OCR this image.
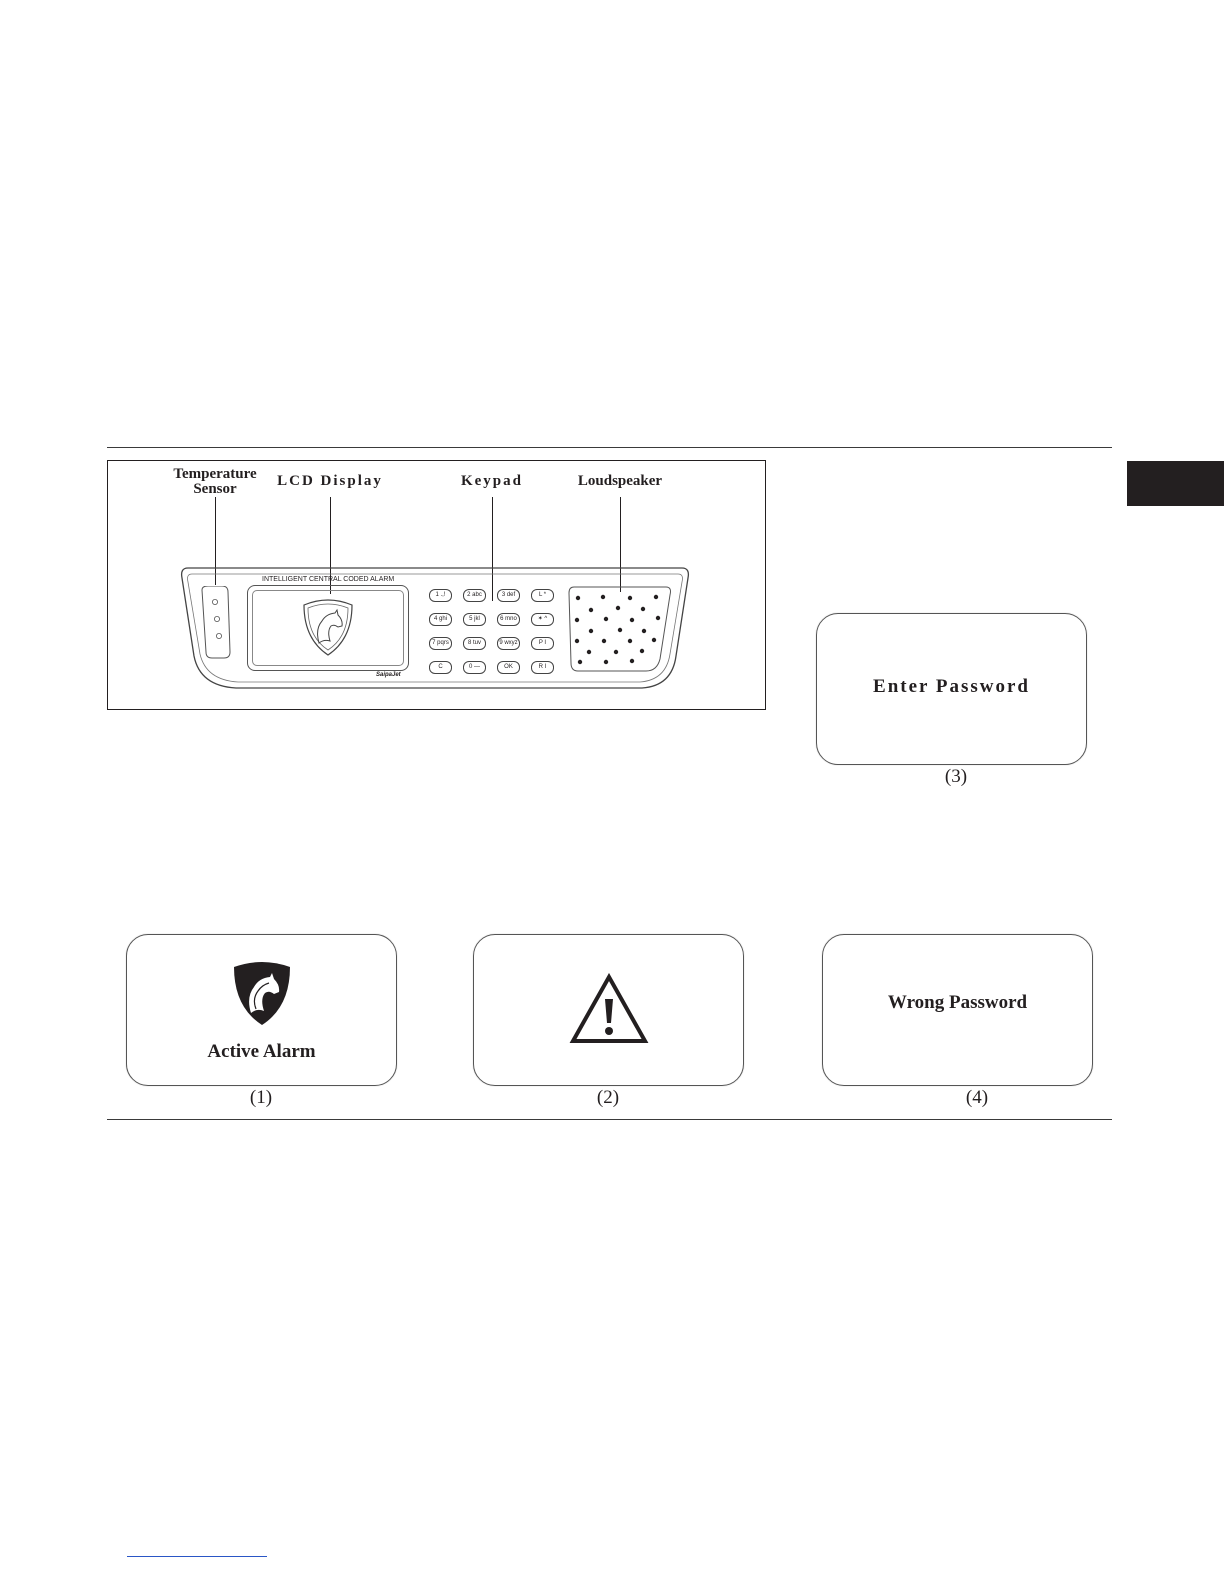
Temperature
Sensor	LCD Display	Keypad	Loudspeaker
INTELLIGENT CENTRAL CODED ALARM
SaipaJet
1 .,!	2 abc	3 def	L *
4 ghi	5 jkl	6 mno	✶ ^
7 pqrs	8 tuv	9 wxyz	P I
C	0 —	OK	R I
Enter Password
(3)
Active Alarm
(1)	(2)
Wrong Password
(4)
